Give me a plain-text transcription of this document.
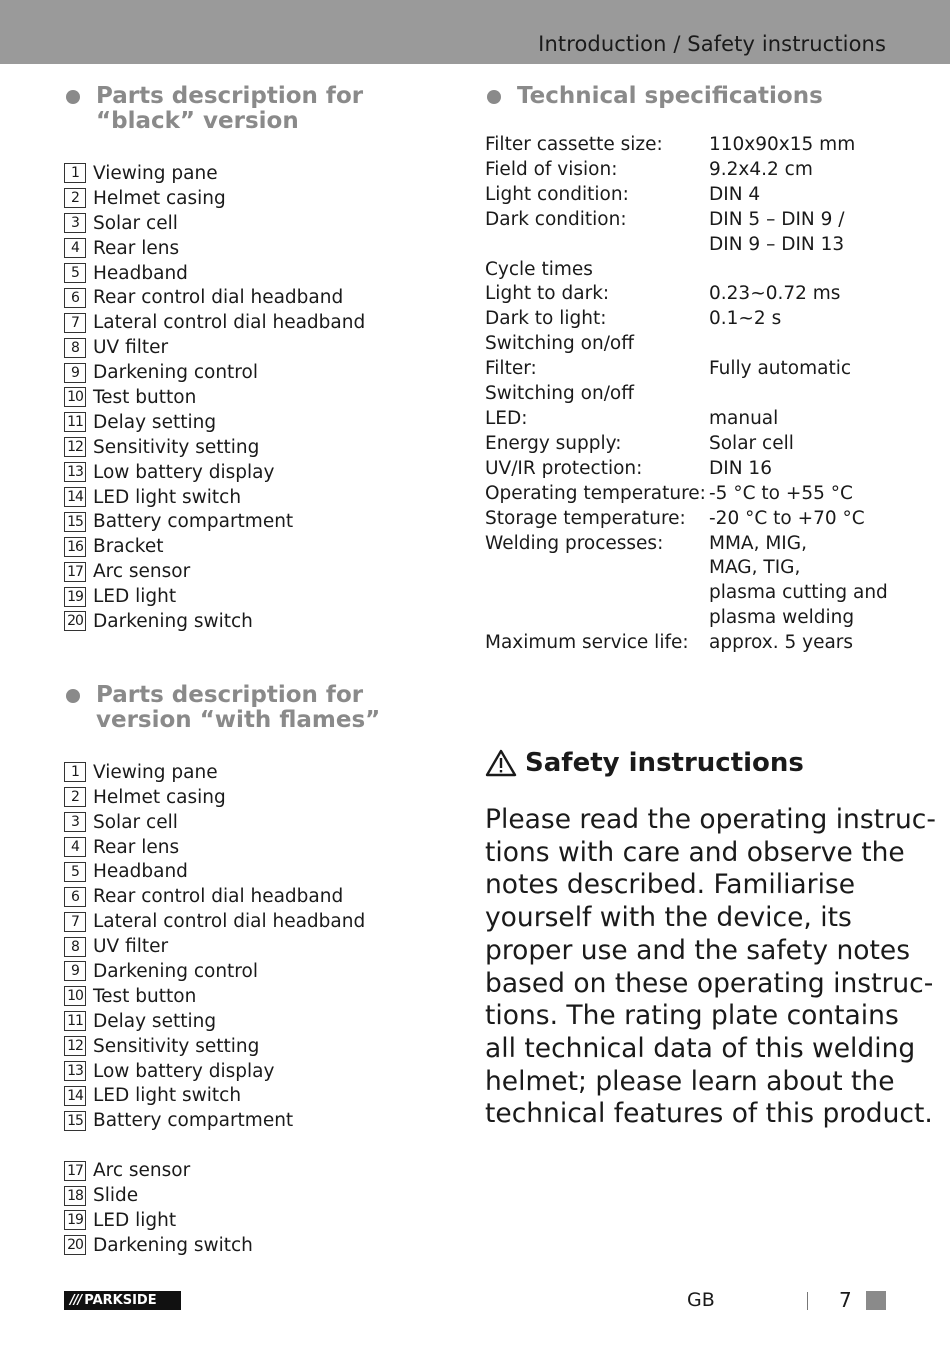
Introduction / Safety instructions
Parts description for
“black” version
1 Viewing pane
2 Helmet casing
3 Solar cell
4 Rear lens
5 Headband
6 Rear control dial headband
7 Lateral control dial headband
8 UV filter
9 Darkening control
10 Test button
11 Delay setting
12 Sensitivity setting
13 Low battery display
14 LED light switch
15 Battery compartment
16 Bracket
17 Arc sensor
19 LED light
20 Darkening switch
Parts description for
version “with flames”
1 Viewing pane
2 Helmet casing
3 Solar cell
4 Rear lens
5 Headband
6 Rear control dial headband
7 Lateral control dial headband
8 UV filter
9 Darkening control
10 Test button
11 Delay setting
12 Sensitivity setting
13 Low battery display
14 LED light switch
15 Battery compartment
17 Arc sensor
18 Slide
19 LED light
20 Darkening switch
Technical specifications
Filter cassette size:	110x90x15 mm
Field of vision:	9.2x4.2 cm
Light condition:	DIN 4
Dark condition:	DIN 5 – DIN 9 /
DIN 9 – DIN 13
Cycle times
Light to dark:	0.23~0.72 ms
Dark to light:	0.1~2 s
Switching on/off
Filter:	Fully automatic
Switching on/off
LED:	manual
Energy supply:	Solar cell
UV/IR protection:	DIN 16
Operating temperature: -5 °C to +55 °C
Storage temperature:	-20 °C to +70 °C
Welding processes:	MMA, MIG,
MAG, TIG,
plasma cutting and
plasma welding
Maximum service life:	approx. 5 years
Safety instructions
Please read the operating instruc-
tions with care and observe the
notes described. Familiarise
yourself with the device, its
proper use and the safety notes
based on these operating instruc-
tions. The rating plate contains
all technical data of this welding
helmet; please learn about the
technical features of this product.
/// PARKSIDE	GB	7
